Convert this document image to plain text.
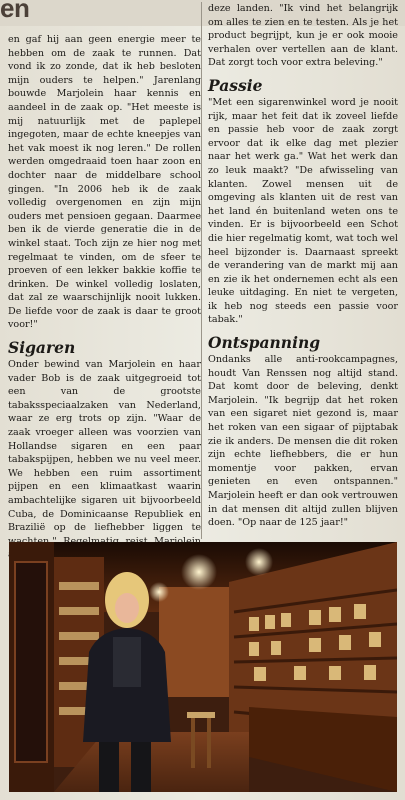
en

en gaf hij aan geen energie meer te hebben om de zaak te runnen. Dat vond ik zo zonde, dat ik heb besloten mijn ouders te helpen." Jarenlang bouwde Marjolein haar kennis en aandeel in de zaak op. "Het meeste is mij natuurlijk met de paplepel ingegoten, maar de echte kneepjes van het vak moest ik nog leren." De rollen werden omgedraaid toen haar zoon en dochter naar de middelbare school gingen. "In 2006 heb ik de zaak volledig overgenomen en zijn mijn ouders met pensioen gegaan. Daarmee ben ik de vierde generatie die in de winkel staat. Toch zijn ze hier nog met regelmaat te vinden, om de sfeer te proeven of een lekker bakkie koffie te drinken. De winkel volledig loslaten, dat zal ze waarschijnlijk nooit lukken. De liefde voor de zaak is daar te groot voor!"

Sigaren

Onder bewind van Marjolein en haar vader Bob is de zaak uitgegroeid tot een van de grootste tabaksspeciaalzaken van Nederland, waar ze erg trots op zijn. "Waar de zaak vroeger alleen was voorzien van Hollandse sigaren en een paar tabakspijpen, hebben we nu veel meer. We hebben een ruim assortiment pijpen en een klimaatkast waarin ambachtelijke sigaren uit bijvoorbeeld Cuba, de Dominicaanse Republiek en Brazilië op de liefhebber liggen te

deze landen. "Ik vind het belangrijk om alles te zien en te testen. Als je het product begrijpt, kun je er ook mooie verhalen over vertellen aan de klant. Dat zorgt toch voor extra beleving."

Passie

"Met een sigarenwinkel word je nooit rijk, maar het feit dat ik zoveel liefde en passie heb voor de zaak zorgt ervoor dat ik elke dag met plezier naar het werk ga." Wat het werk dan zo leuk maakt? "De afwisseling van klanten. Zowel mensen uit de omgeving als klanten uit de rest van het land én buitenland weten ons te vinden. Er is bijvoorbeeld een Schot die hier regelmatig komt, wat toch wel heel bijzonder is. Daarnaast spreekt de verandering van de markt mij aan en zie ik het ondernemen echt als een leuke uitdaging. En niet te vergeten, ik heb nog steeds een passie voor tabak."

Ontspanning

Ondanks alle anti-rookcampagnes, houdt Van Renssen nog altijd stand. Dat komt door de beleving, denkt Marjolein. "Ik begrijp dat het roken van een sigaret niet gezond is, maar het roken van een sigaar of pijptabak zie ik anders. De mensen die dit roken zijn echte liefhebbers, die er hun momentje voor pakken, ervan genieten en even ontspannen." Marjolein heeft er dan ook vertrouwen in dat mensen dit altijd zullen blijven doen. "Op naar de 125 jaar!"
